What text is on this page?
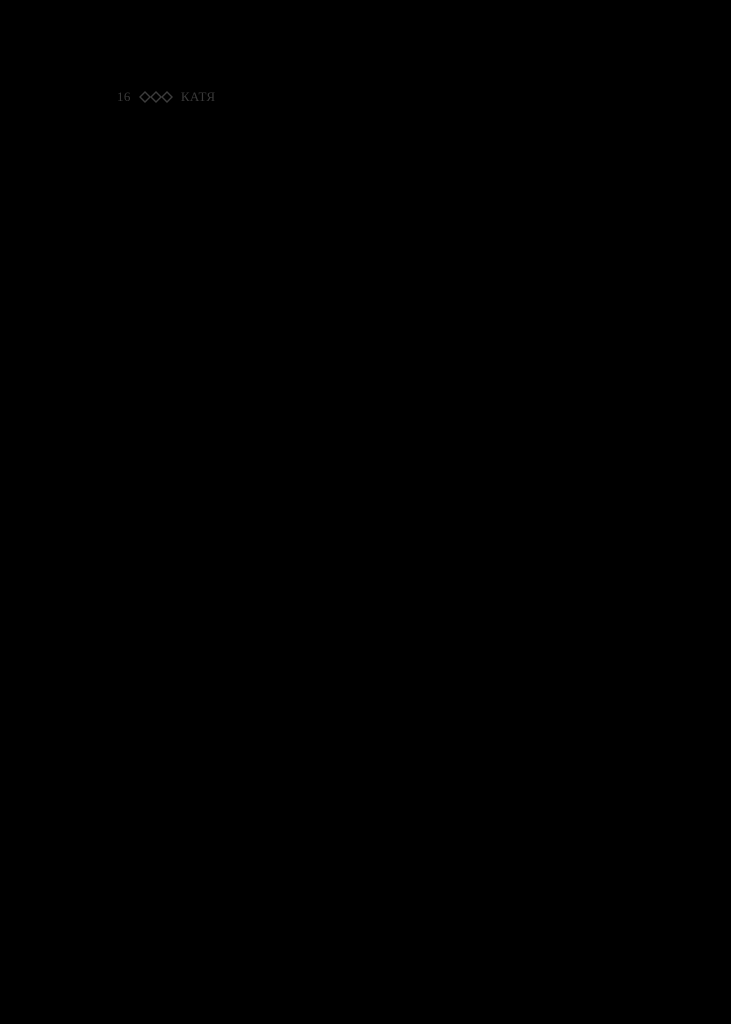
16	КАТЯ
